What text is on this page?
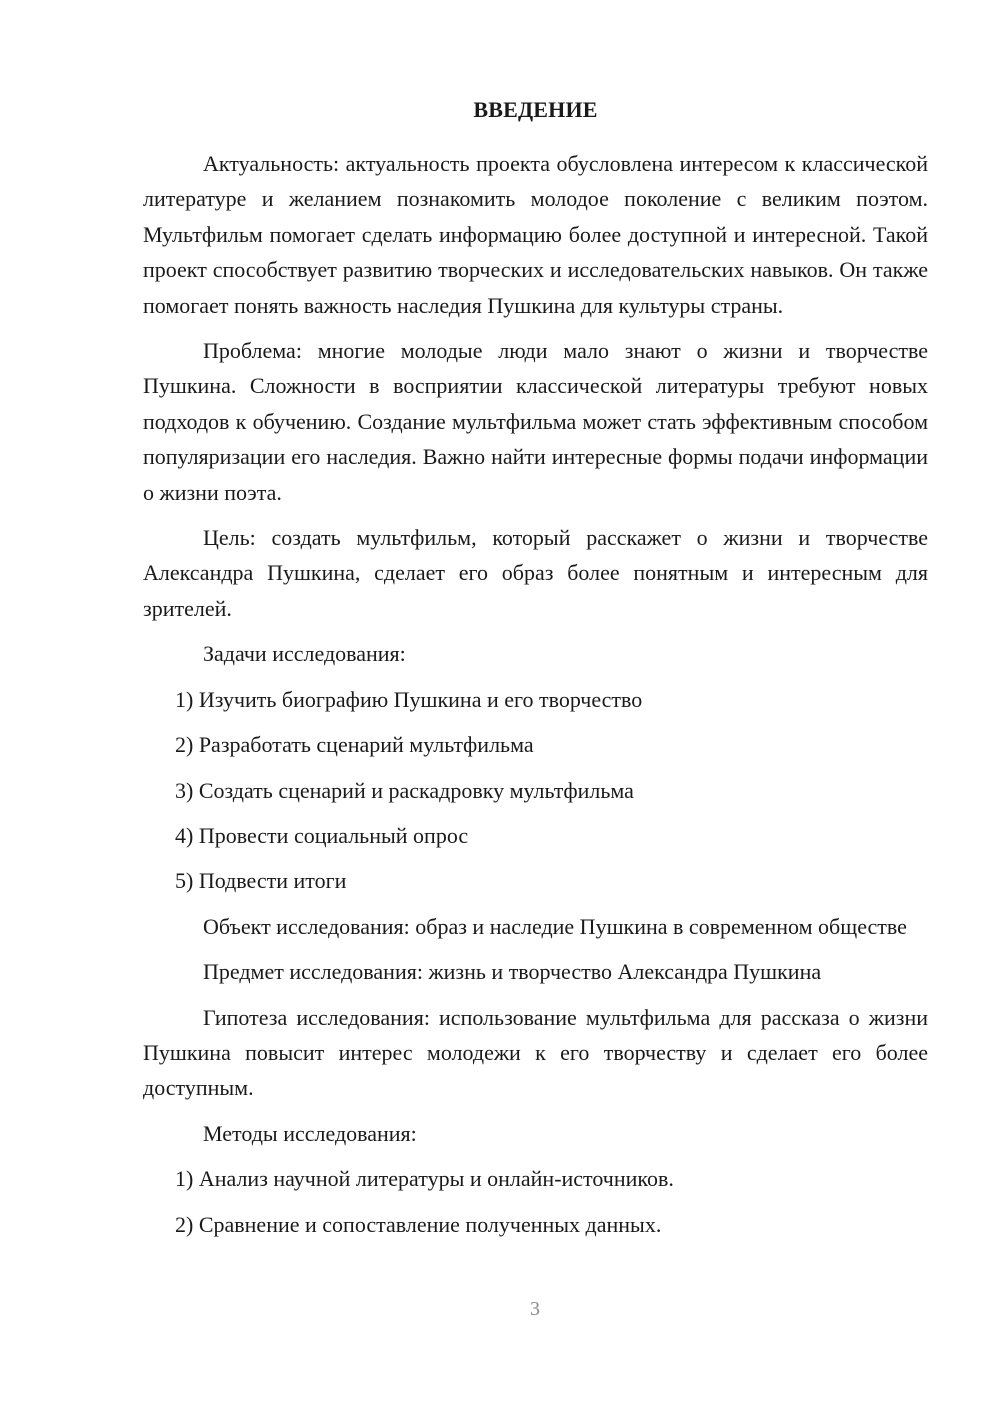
ВВЕДЕНИЕ

Актуальность: актуальность проекта обусловлена интересом к классической литературе и желанием познакомить молодое поколение с великим поэтом. Мультфильм помогает сделать информацию более доступной и интересной. Такой проект способствует развитию творческих и исследовательских навыков. Он также помогает понять важность наследия Пушкина для культуры страны.

Проблема: многие молодые люди мало знают о жизни и творчестве Пушкина. Сложности в восприятии классической литературы требуют новых подходов к обучению. Создание мультфильма может стать эффективным способом популяризации его наследия. Важно найти интересные формы подачи информации о жизни поэта.

Цель: создать мультфильм, который расскажет о жизни и творчестве Александра Пушкина, сделает его образ более понятным и интересным для зрителей.

Задачи исследования:

1) Изучить биографию Пушкина и его творчество
2) Разработать сценарий мультфильма
3) Создать сценарий и раскадровку мультфильма
4) Провести социальный опрос
5) Подвести итоги

Объект исследования: образ и наследие Пушкина в современном обществе

Предмет исследования: жизнь и творчество Александра Пушкина

Гипотеза исследования: использование мультфильма для рассказа о жизни Пушкина повысит интерес молодежи к его творчеству и сделает его более доступным.

Методы исследования:

1) Анализ научной литературы и онлайн-источников.
2) Сравнение и сопоставление полученных данных.
3
